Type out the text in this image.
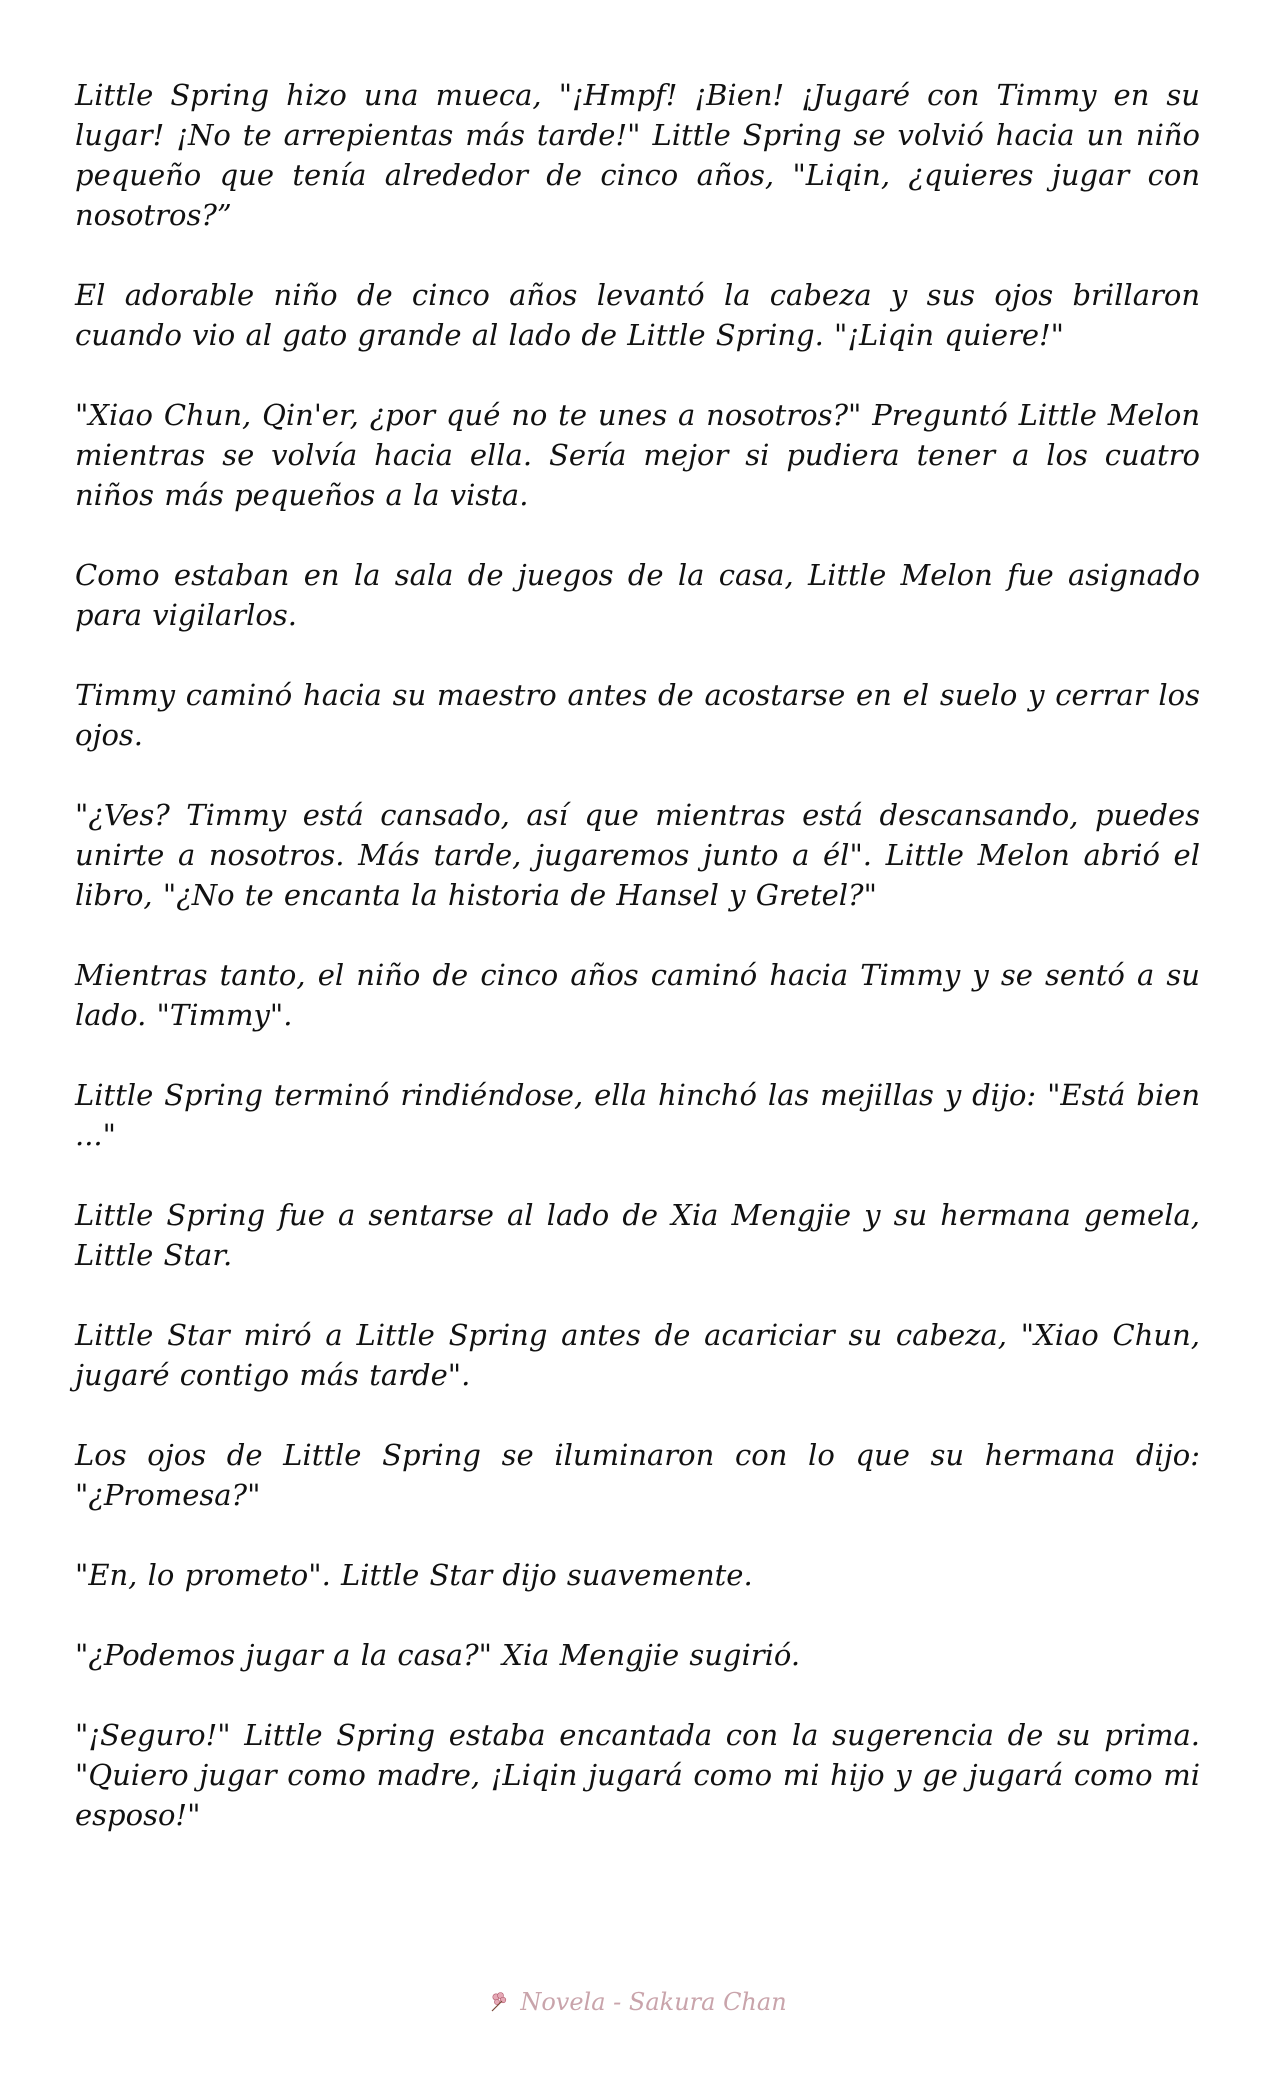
Little Spring hizo una mueca, "¡Hmpf! ¡Bien! ¡Jugaré con Timmy en su lugar! ¡No te arrepientas más tarde!" Little Spring se volvió hacia un niño pequeño que tenía alrededor de cinco años, "Liqin, ¿quieres jugar con nosotros?”

El adorable niño de cinco años levantó la cabeza y sus ojos brillaron cuando vio al gato grande al lado de Little Spring. "¡Liqin quiere!"

"Xiao Chun, Qin'er, ¿por qué no te unes a nosotros?" Preguntó Little Melon mientras se volvía hacia ella. Sería mejor si pudiera tener a los cuatro niños más pequeños a la vista.

Como estaban en la sala de juegos de la casa, Little Melon fue asignado para vigilarlos.

Timmy caminó hacia su maestro antes de acostarse en el suelo y cerrar los ojos.

"¿Ves? Timmy está cansado, así que mientras está descansando, puedes unirte a nosotros. Más tarde, jugaremos junto a él". Little Melon abrió el libro, "¿No te encanta la historia de Hansel y Gretel?"

Mientras tanto, el niño de cinco años caminó hacia Timmy y se sentó a su lado. "Timmy".

Little Spring terminó rindiéndose, ella hinchó las mejillas y dijo: "Está bien ..."

Little Spring fue a sentarse al lado de Xia Mengjie y su hermana gemela, Little Star.

Little Star miró a Little Spring antes de acariciar su cabeza, "Xiao Chun, jugaré contigo más tarde".

Los ojos de Little Spring se iluminaron con lo que su hermana dijo: "¿Promesa?"

"En, lo prometo". Little Star dijo suavemente.

"¿Podemos jugar a la casa?" Xia Mengjie sugirió.

"¡Seguro!" Little Spring estaba encantada con la sugerencia de su prima. "Quiero jugar como madre, ¡Liqin jugará como mi hijo y ge jugará como mi esposo!"

Novela - Sakura Chan
